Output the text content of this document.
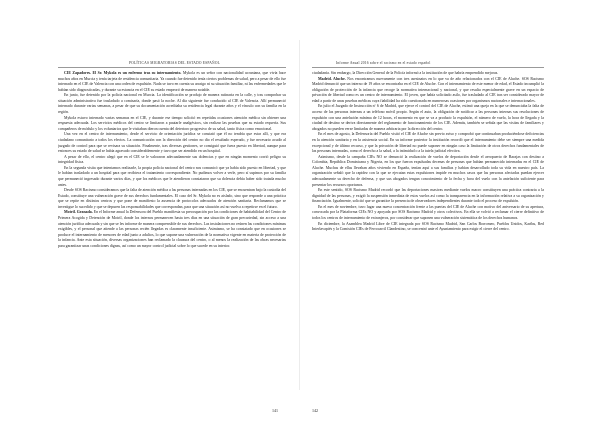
POLÍTICAS MIGRATORIAS DEL ESTADO ESPAÑOL

CIE Zapadores. El Sr. Mykola es un enfermo tras su internamiento. Mykola es un señor con nacionalidad ucraniana, que vivía hace muchos años en Murcia y tenía tarjeta de residencia comunitaria. Ya cuando fue detenido tenía ciertos problemas de salud, pero a pesar de ello fue internado en el CIE de Valencia con una orden de expulsión. Nada se tuvo en cuenta su arraigo ni su situación familiar, ni las enfermedades que le habían sido diagnosticadas, y durante su estancia en el CIE su estado empeoró de manera notable.

En junio, fue detenido por la policía nacional en Murcia. La identificación se produjo de manera rutinaria en la calle, y tras comprobar su situación administrativa fue trasladado a comisaría, donde pasó la noche. Al día siguiente fue conducido al CIE de Valencia. Allí permaneció internado durante varias semanas, a pesar de que su documentación acreditaba su residencia legal durante años y el vínculo con su familia en la región.

Mykola estuvo internado varias semanas en el CIE, y durante ese tiempo solicitó en repetidas ocasiones atención médica sin obtener una respuesta adecuada. Los servicios médicos del centro se limitaron a pautarle analgésicos, sin realizar las pruebas que su estado requería. Sus compañeros de módulo y los voluntarios que le visitaban dieron cuenta del deterioro progresivo de su salud, tanto física como emocional.

Una vez en el centro de internamiento, desde el servicio de orientación jurídica se constató que él no tendría que estar allí, y que era ciudadano comunitario a todos los efectos. La comunicación con la dirección del centro no dio el resultado esperado, y fue necesario acudir al juzgado de control para que se revisara su situación. Finalmente, tras diversas gestiones, se consiguió que fuera puesto en libertad, aunque para entonces su estado de salud se había agravado considerablemente y tuvo que ser atendido en un hospital.

A pesar de ello, el centro alegó que en el CIE se le valoraron adecuadamente sus dolencias y que en ningún momento corrió peligro su integridad física.

En la segunda visita que intentamos realizarle, la propia policía nacional del centro nos comunicó que ya había sido puesto en libertad, y que le habían trasladado a un hospital para que recibiera el tratamiento correspondiente. No pudimos volver a verle, pero sí supimos por su familia que permaneció ingresado durante varios días, y que los médicos que le atendieron constataron que su dolencia debía haber sido tratada mucho antes.

Desde SOS Racismo consideramos que la falta de atención médica a las personas internadas en los CIE, que se encuentran bajo la custodia del Estado, constituye una vulneración grave de sus derechos fundamentales. El caso del Sr. Mykola no es aislado, sino que responde a una práctica que se repite en distintos centros y que pone de manifiesto la ausencia de protocolos adecuados de atención sanitaria. Reclamamos que se investigue lo sucedido y que se depuren las responsabilidades que correspondan, para que una situación así no vuelva a repetirse en el futuro.

Motril. Granada. En el Informe anual la Defensora del Pueblo manifiesta su preocupación por las condiciones de habitabilidad del Centro de Primera Acogida y Detención de Motril, donde los internos permanecen hasta tres días en una situación de gran precariedad, sin acceso a una atención jurídica adecuada y sin que se les informe de manera comprensible de sus derechos. Las instalaciones no reúnen las condiciones mínimas exigibles, y el personal que atiende a las personas recién llegadas es claramente insuficiente. Asimismo, se ha constatado que en ocasiones se produce el internamiento de menores de edad junto a adultos, lo que supone una vulneración de la normativa vigente en materia de protección de la infancia. Ante esta situación, diversas organizaciones han reclamado la clausura del centro, o al menos la realización de las obras necesarias para garantizar unas condiciones dignas, así como un mayor control judicial sobre lo que sucede en su interior.

141
Informe Anual 2016 sobre el racismo en el estado español

ciudadanía. Sin embargo, la Dirección General de la Policía informó a la institución de que habría emprendido mejoras.

Madrid. Aluche. Nos encontramos nuevamente con tres asesinatos en lo que va de año relacionados con el CIE de Aluche. SOS Racismo Madrid denunció que un interno de 19 años se encontraba en el CIE de Aluche. Con el internamiento de este menor de edad, el Estado incumplió la obligación de protección de la infancia que recoge la normativa internacional y nacional, y que resulta especialmente grave en un espacio de privación de libertad como es un centro de internamiento. El joven, que había solicitado asilo, fue trasladado al CIE tras ser considerado mayor de edad a partir de unas pruebas médicas cuya fiabilidad ha sido cuestionada en numerosas ocasiones por organismos nacionales e internacionales.

En julio el Juzgado de Instrucción nº 6 de Madrid, que ejerce el control del CIE de Aluche, estimó una queja en la que se denunciaba la falta de acceso de las personas internas a un teléfono móvil propio. Según el auto, la obligación de notificar a las personas internas sus resoluciones de expulsión con una antelación mínima de 12 horas, el momento en que se va a producir la expulsión, el número de vuelo, la hora de llegada y la ciudad de destino se deriva directamente del reglamento de funcionamiento de los CIE. Además, también se señala que las visitas de familiares y abogados no pueden verse limitadas de manera arbitraria por la dirección del centro.

En el mes de agosto, la Defensoría del Pueblo visitó el CIE de Aluche sin previo aviso y comprobó que continuaban produciéndose deficiencias en la atención sanitaria y en la asistencia social. En su informe posterior la institución recordó que el internamiento debe ser siempre una medida excepcional y de último recurso, y que la privación de libertad no puede suponer en ningún caso la limitación de otros derechos fundamentales de las personas internadas, como el derecho a la salud, a la intimidad o a la tutela judicial efectiva.

Asimismo, desde la campaña CIEs NO se denunció la realización de vuelos de deportación desde el aeropuerto de Barajas con destino a Colombia, República Dominicana y Nigeria, en los que fueron expulsadas decenas de personas que habían permanecido internadas en el CIE de Aluche. Muchas de ellas llevaban años viviendo en España, tenían aquí a sus familias y habían desarrollado toda su vida en nuestro país. La organización señaló que la rapidez con la que se ejecutan estas expulsiones impide en muchos casos que las personas afectadas puedan ejercer adecuadamente su derecho de defensa, y que sus abogados tengan conocimiento de la fecha y hora del vuelo con la antelación suficiente para presentar los recursos oportunos.

En este sentido, SOS Racismo Madrid recordó que las deportaciones masivas mediante vuelos macro constituyen una práctica contraria a la dignidad de las personas, y exigió la suspensión inmediata de estos vuelos así como la transparencia en la información relativa a su organización y financiación. Igualmente, solicitó que se garantice la presencia de observadores independientes durante todo el proceso de expulsión.

En el mes de noviembre, tuvo lugar una nueva concentración frente a las puertas del CIE de Aluche con motivo del aniversario de su apertura, convocada por la Plataforma CIEs NO y apoyada por SOS Racismo Madrid y otros colectivos. En ella se volvió a reclamar el cierre definitivo de todos los centros de internamiento de extranjeros, por considerar que suponen una vulneración sistemática de los derechos humanos.

En diciembre, la Asamblea Madrid Libre de CIE integrada por SOS Racismo Madrid, San Carlos Borromeo, Pueblos Unidos, Karibu, Red Interlavapiés y la Comisión CIEs de Ferrocarril Clandestino, se concentró ante el Ayuntamiento para exigir el cierre del centro.

142
